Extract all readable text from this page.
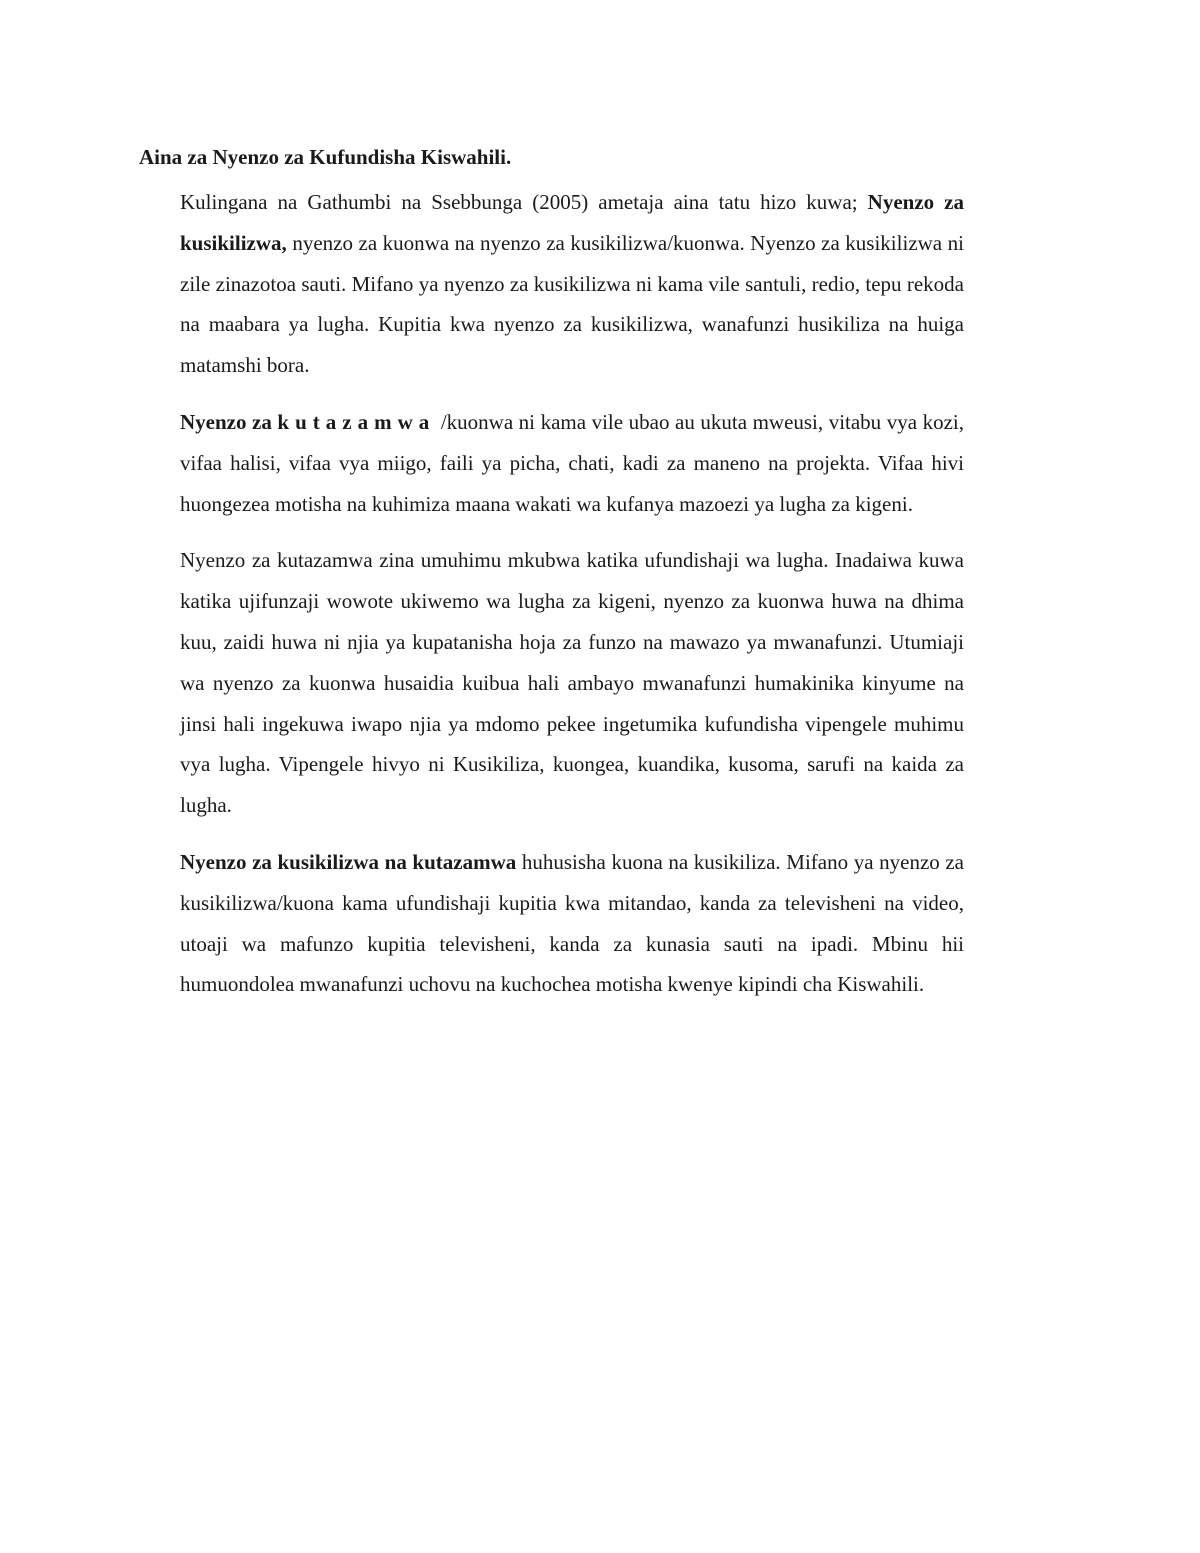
Aina za Nyenzo za Kufundisha Kiswahili.

Kulingana na Gathumbi na Ssebbunga (2005) ametaja aina tatu hizo kuwa; Nyenzo za kusikilizwa, nyenzo za kuonwa na nyenzo za kusikilizwa/kuonwa. Nyenzo za kusikilizwa ni zile zinazotoa sauti. Mifano ya nyenzo za kusikilizwa ni kama vile santuli, redio, tepu rekoda na maabara ya lugha. Kupitia kwa nyenzo za kusikilizwa, wanafunzi husikiliza na huiga matamshi bora.

Nyenzo za kutazamwa /kuonwa ni kama vile ubao au ukuta mweusi, vitabu vya kozi, vifaa halisi, vifaa vya miigo, faili ya picha, chati, kadi za maneno na projekta. Vifaa hivi huongezea motisha na kuhimiza maana wakati wa kufanya mazoezi ya lugha za kigeni.

Nyenzo za kutazamwa zina umuhimu mkubwa katika ufundishaji wa lugha. Inadaiwa kuwa katika ujifunzaji wowote ukiwemo wa lugha za kigeni, nyenzo za kuonwa huwa na dhima kuu, zaidi huwa ni njia ya kupatanisha hoja za funzo na mawazo ya mwanafunzi. Utumiaji wa nyenzo za kuonwa husaidia kuibua hali ambayo mwanafunzi humakinika kinyume na jinsi hali ingekuwa iwapo njia ya mdomo pekee ingetumika kufundisha vipengele muhimu vya lugha. Vipengele hivyo ni Kusikiliza, kuongea, kuandika, kusoma, sarufi na kaida za lugha.

Nyenzo za kusikilizwa na kutazamwa huhusisha kuona na kusikiliza. Mifano ya nyenzo za kusikilizwa/kuona kama ufundishaji kupitia kwa mitandao, kanda za televisheni na video, utoaji wa mafunzo kupitia televisheni, kanda za kunasia sauti na ipadi. Mbinu hii humuondolea mwanafunzi uchovu na kuchochea motisha kwenye kipindi cha Kiswahili.
